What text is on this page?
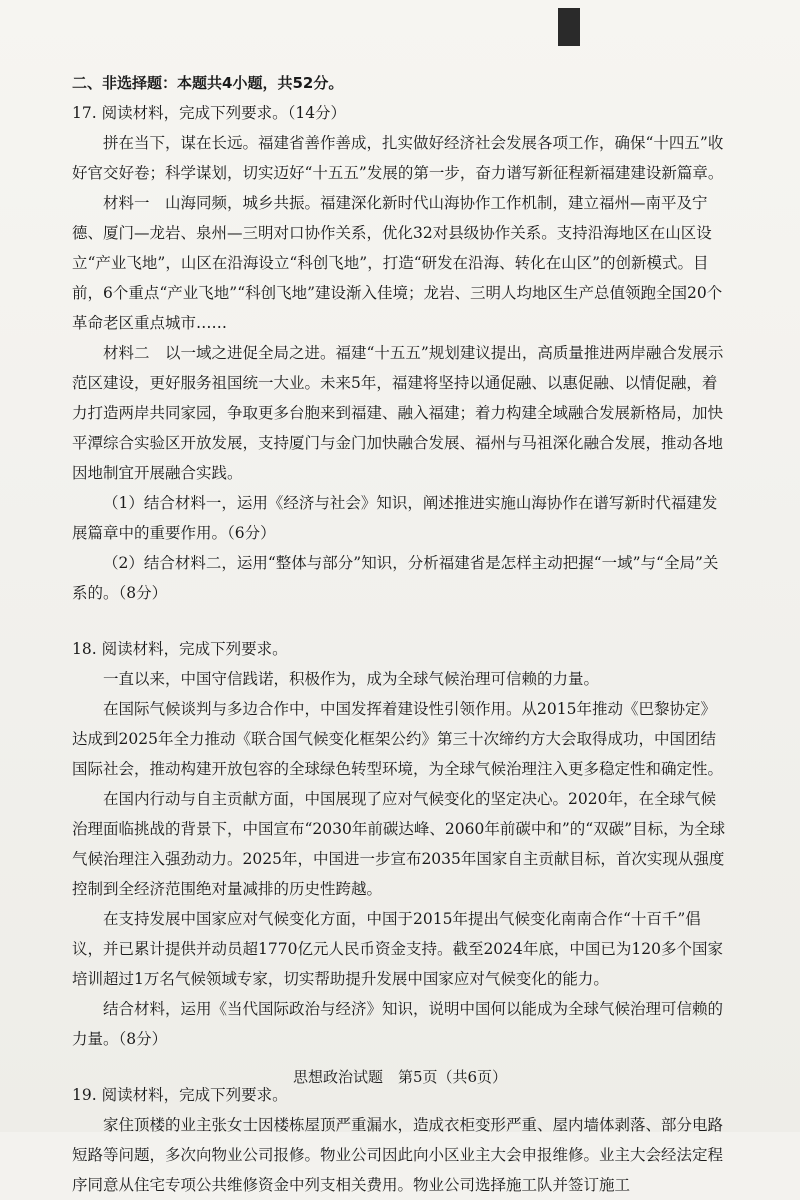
二、非选择题：本题共4小题，共52分。

17. 阅读材料，完成下列要求。（14分）

拼在当下，谋在长远。福建省善作善成，扎实做好经济社会发展各项工作，确保“十四五”收好官交好卷；科学谋划，切实迈好“十五五”发展的第一步，奋力谱写新征程新福建建设新篇章。

材料一　山海同频，城乡共振。福建深化新时代山海协作工作机制，建立福州—南平及宁德、厦门—龙岩、泉州—三明对口协作关系，优化32对县级协作关系。支持沿海地区在山区设立“产业飞地”，山区在沿海设立“科创飞地”，打造“研发在沿海、转化在山区”的创新模式。目前，6个重点“产业飞地”“科创飞地”建设渐入佳境；龙岩、三明人均地区生产总值领跑全国20个革命老区重点城市……

材料二　以一域之进促全局之进。福建“十五五”规划建议提出，高质量推进两岸融合发展示范区建设，更好服务祖国统一大业。未来5年，福建将坚持以通促融、以惠促融、以情促融，着力打造两岸共同家园，争取更多台胞来到福建、融入福建；着力构建全域融合发展新格局，加快平潭综合实验区开放发展，支持厦门与金门加快融合发展、福州与马祖深化融合发展，推动各地因地制宜开展融合实践。

（1）结合材料一，运用《经济与社会》知识，阐述推进实施山海协作在谱写新时代福建发展篇章中的重要作用。（6分）

（2）结合材料二，运用“整体与部分”知识，分析福建省是怎样主动把握“一域”与“全局”关系的。（8分）

18. 阅读材料，完成下列要求。

一直以来，中国守信践诺，积极作为，成为全球气候治理可信赖的力量。

在国际气候谈判与多边合作中，中国发挥着建设性引领作用。从2015年推动《巴黎协定》达成到2025年全力推动《联合国气候变化框架公约》第三十次缔约方大会取得成功，中国团结国际社会，推动构建开放包容的全球绿色转型环境，为全球气候治理注入更多稳定性和确定性。

在国内行动与自主贡献方面，中国展现了应对气候变化的坚定决心。2020年，在全球气候治理面临挑战的背景下，中国宣布“2030年前碳达峰、2060年前碳中和”的“双碳”目标，为全球气候治理注入强劲动力。2025年，中国进一步宣布2035年国家自主贡献目标，首次实现从强度控制到全经济范围绝对量减排的历史性跨越。

在支持发展中国家应对气候变化方面，中国于2015年提出气候变化南南合作“十百千”倡议，并已累计提供并动员超1770亿元人民币资金支持。截至2024年底，中国已为120多个国家培训超过1万名气候领域专家，切实帮助提升发展中国家应对气候变化的能力。

结合材料，运用《当代国际政治与经济》知识，说明中国何以能成为全球气候治理可信赖的力量。（8分）

19. 阅读材料，完成下列要求。

家住顶楼的业主张女士因楼栋屋顶严重漏水，造成衣柜变形严重、屋内墙体剥落、部分电路短路等问题，多次向物业公司报修。物业公司因此向小区业主大会申报维修。业主大会经法定程序同意从住宅专项公共维修资金中列支相关费用。物业公司选择施工队并签订施工

思想政治试题　第5页（共6页）
